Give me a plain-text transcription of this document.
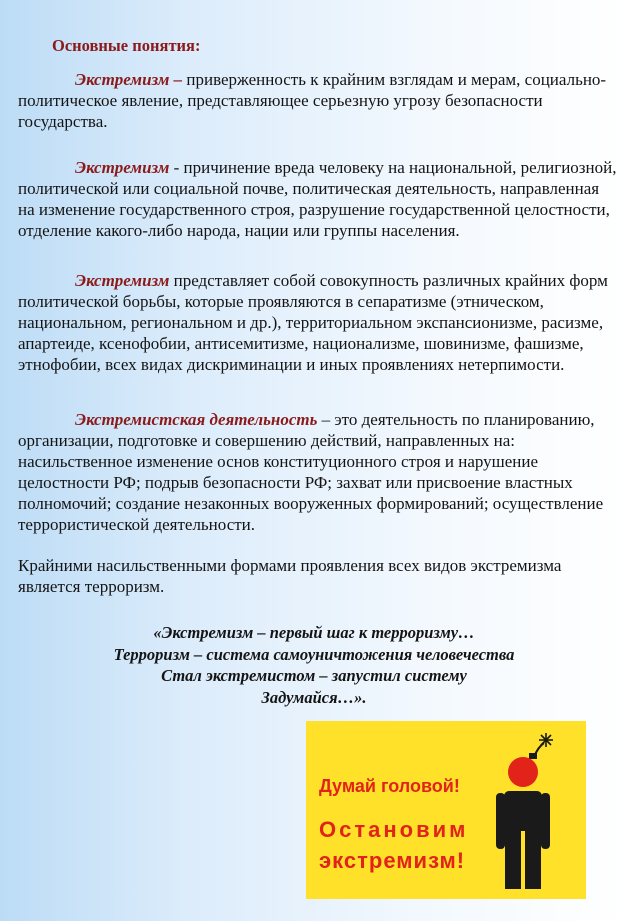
Основные понятия:

Экстремизм – приверженность к крайним взглядам и мерам, социально-политическое явление, представляющее серьезную угрозу безопасности государства.

Экстремизм - причинение вреда человеку на национальной, религиозной, политической или социальной почве, политическая деятельность, направленная на изменение государственного строя, разрушение государственной целостности, отделение какого-либо народа, нации или группы населения.

Экстремизм представляет собой совокупность различных крайних форм политической борьбы, которые проявляются в сепаратизме (этническом, национальном, региональном и др.), территориальном экспансионизме, расизме, апартеиде, ксенофобии, антисемитизме, национализме, шовинизме, фашизме, этнофобии, всех видах дискриминации и иных проявлениях нетерпимости.

Экстремистская деятельность – это деятельность по планированию, организации, подготовке и совершению действий, направленных на: насильственное изменение основ конституционного строя и нарушение целостности РФ; подрыв безопасности РФ; захват или присвоение властных полномочий; создание незаконных вооруженных формирований; осуществление террористической деятельности.

Крайними насильственными формами проявления всех видов экстремизма является терроризм.

«Экстремизм – первый шаг к терроризму…
Терроризм – система самоуничтожения человечества
Стал экстремистом – запустил систему
Задумайся…».
Думай головой!
Остановим
экстремизм!
